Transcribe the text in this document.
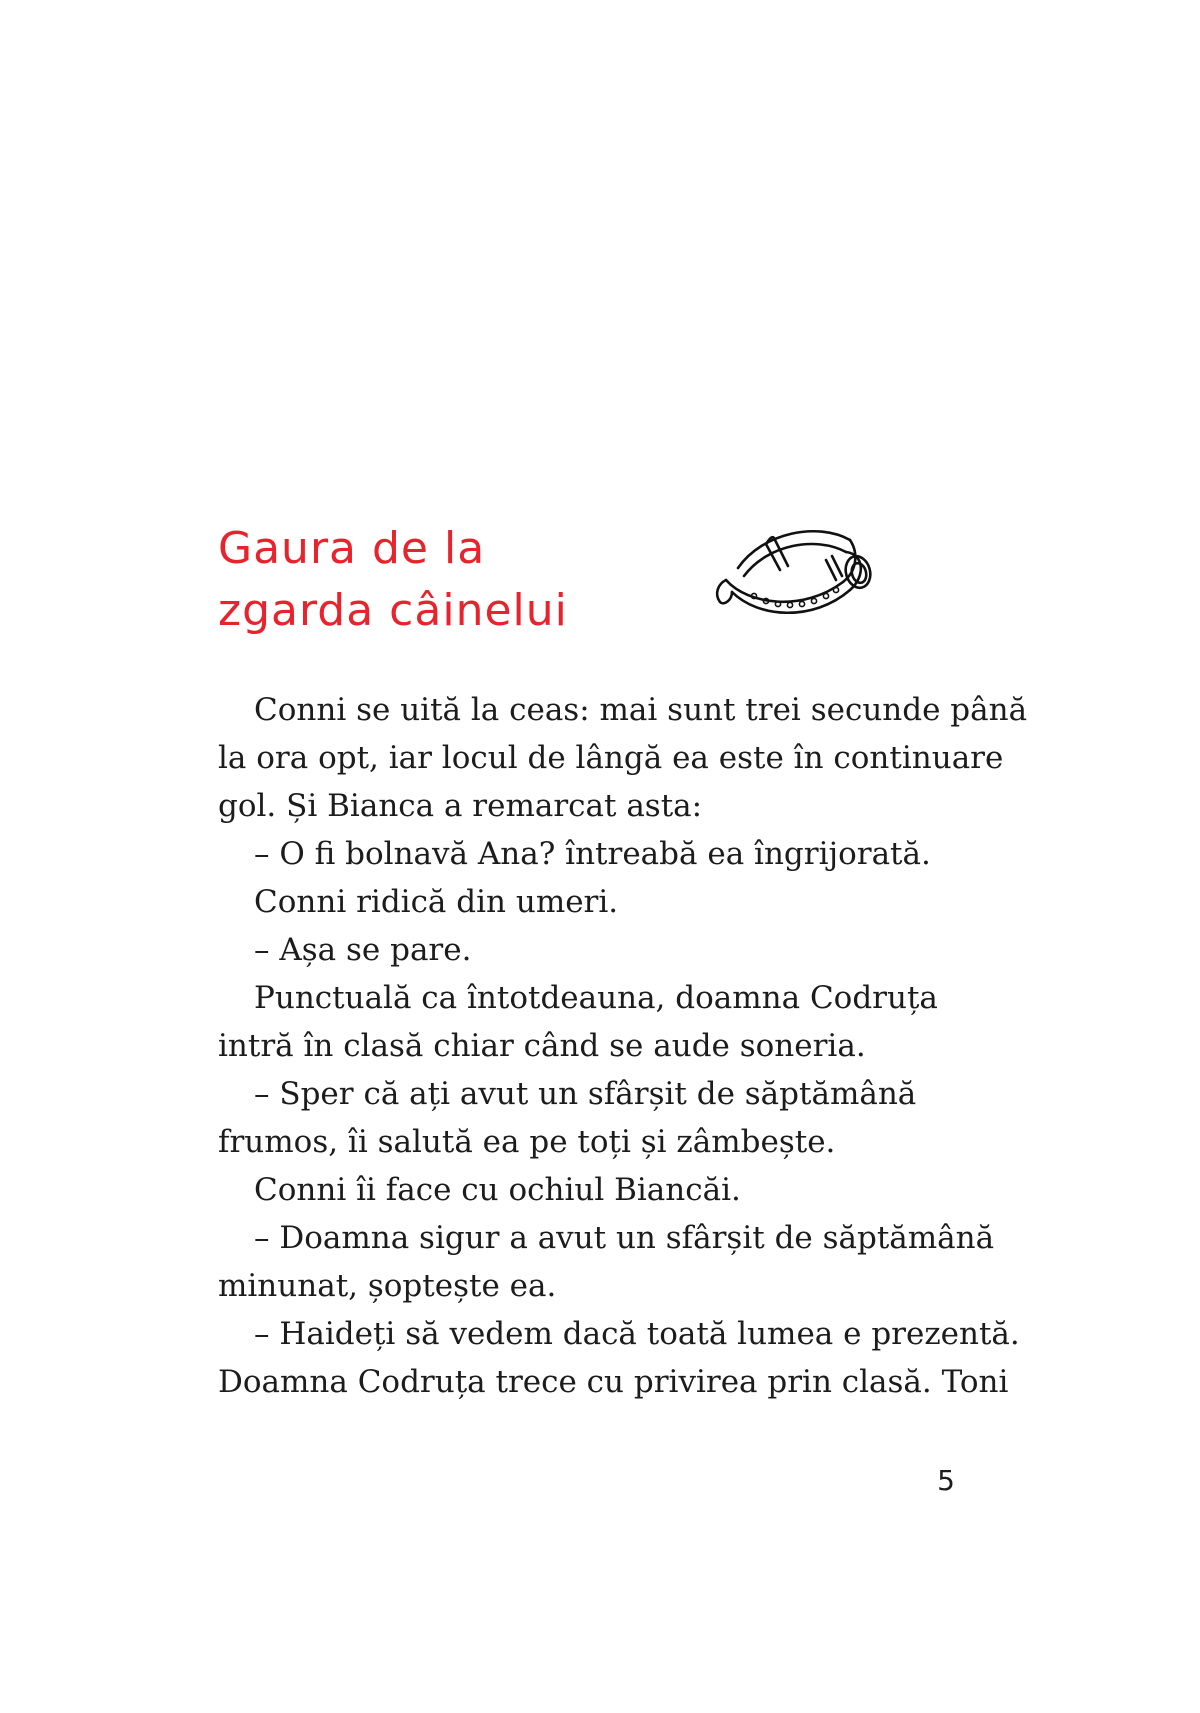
Gaura de la
zgarda câinelui

Conni se uită la ceas: mai sunt trei secunde până

la ora opt, iar locul de lângă ea este în continuare

gol. Și Bianca a remarcat asta:

– O fi bolnavă Ana? întreabă ea îngrijorată.

Conni ridică din umeri.

– Așa se pare.

Punctuală ca întotdeauna, doamna Codruța

intră în clasă chiar când se aude soneria.

– Sper că ați avut un sfârșit de săptămână

frumos, îi salută ea pe toți și zâmbește.

Conni îi face cu ochiul Biancăi.

– Doamna sigur a avut un sfârșit de săptămână

minunat, șoptește ea.

– Haideți să vedem dacă toată lumea e prezentă.

Doamna Codruța trece cu privirea prin clasă. Toni

5
